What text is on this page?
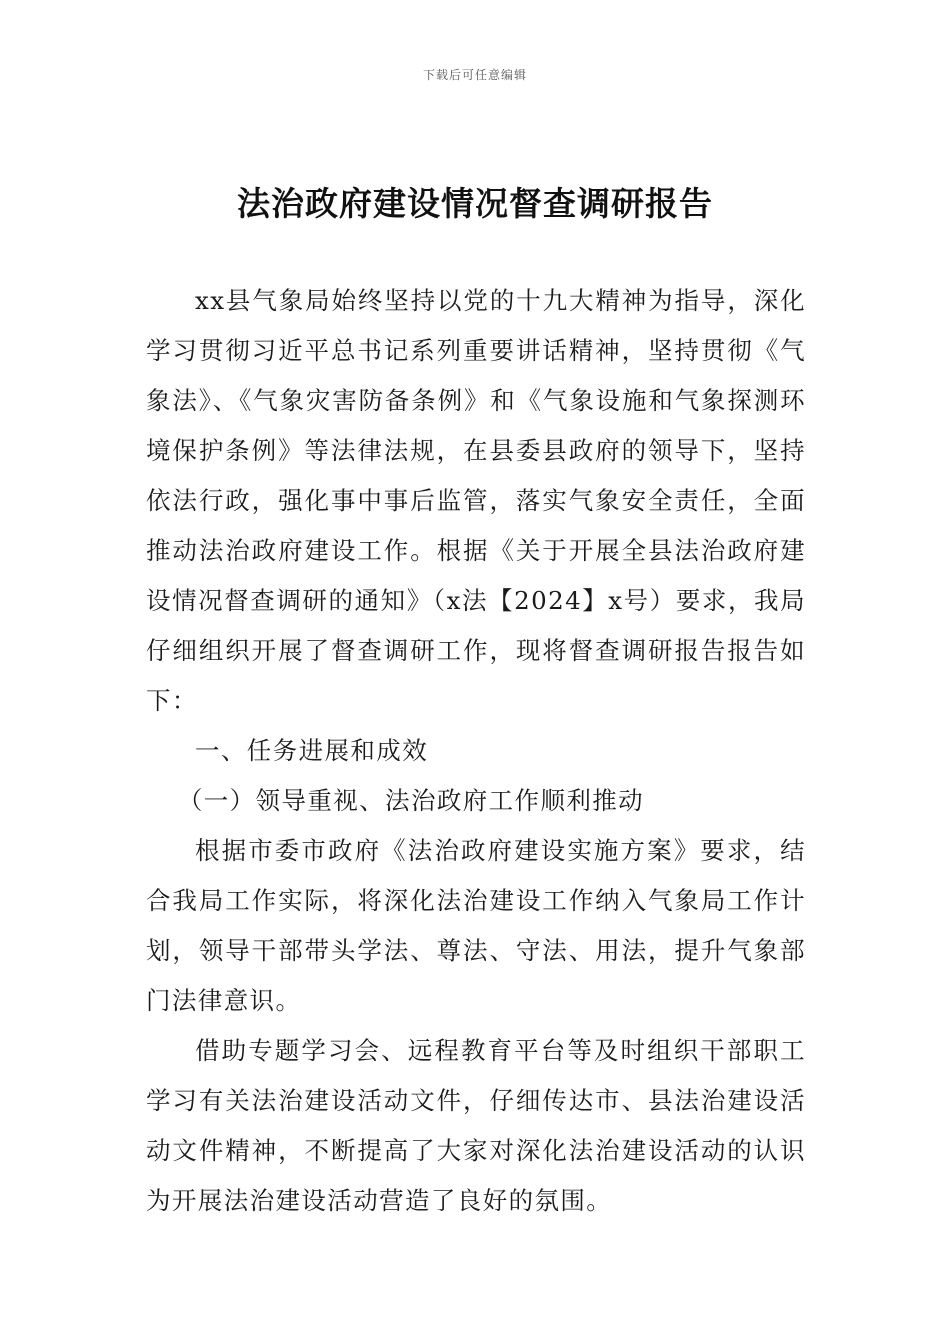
下载后可任意编辑
法治政府建设情况督查调研报告

xx县气象局始终坚持以党的十九大精神为指导，深化学习贯彻习近平总书记系列重要讲话精神，坚持贯彻《气象法》、《气象灾害防备条例》和《气象设施和气象探测环境保护条例》等法律法规，在县委县政府的领导下，坚持依法行政，强化事中事后监管，落实气象安全责任，全面推动法治政府建设工作。根据《关于开展全县法治政府建设情况督查调研的通知》（x法【2024】x号）要求，我局仔细组织开展了督查调研工作，现将督查调研报告报告如下：

一、任务进展和成效

（一）领导重视、法治政府工作顺利推动

根据市委市政府《法治政府建设实施方案》要求，结合我局工作实际，将深化法治建设工作纳入气象局工作计划，领导干部带头学法、尊法、守法、用法，提升气象部门法律意识。

借助专题学习会、远程教育平台等及时组织干部职工学习有关法治建设活动文件，仔细传达市、县法治建设活动文件精神，不断提高了大家对深化法治建设活动的认识为开展法治建设活动营造了良好的氛围。
